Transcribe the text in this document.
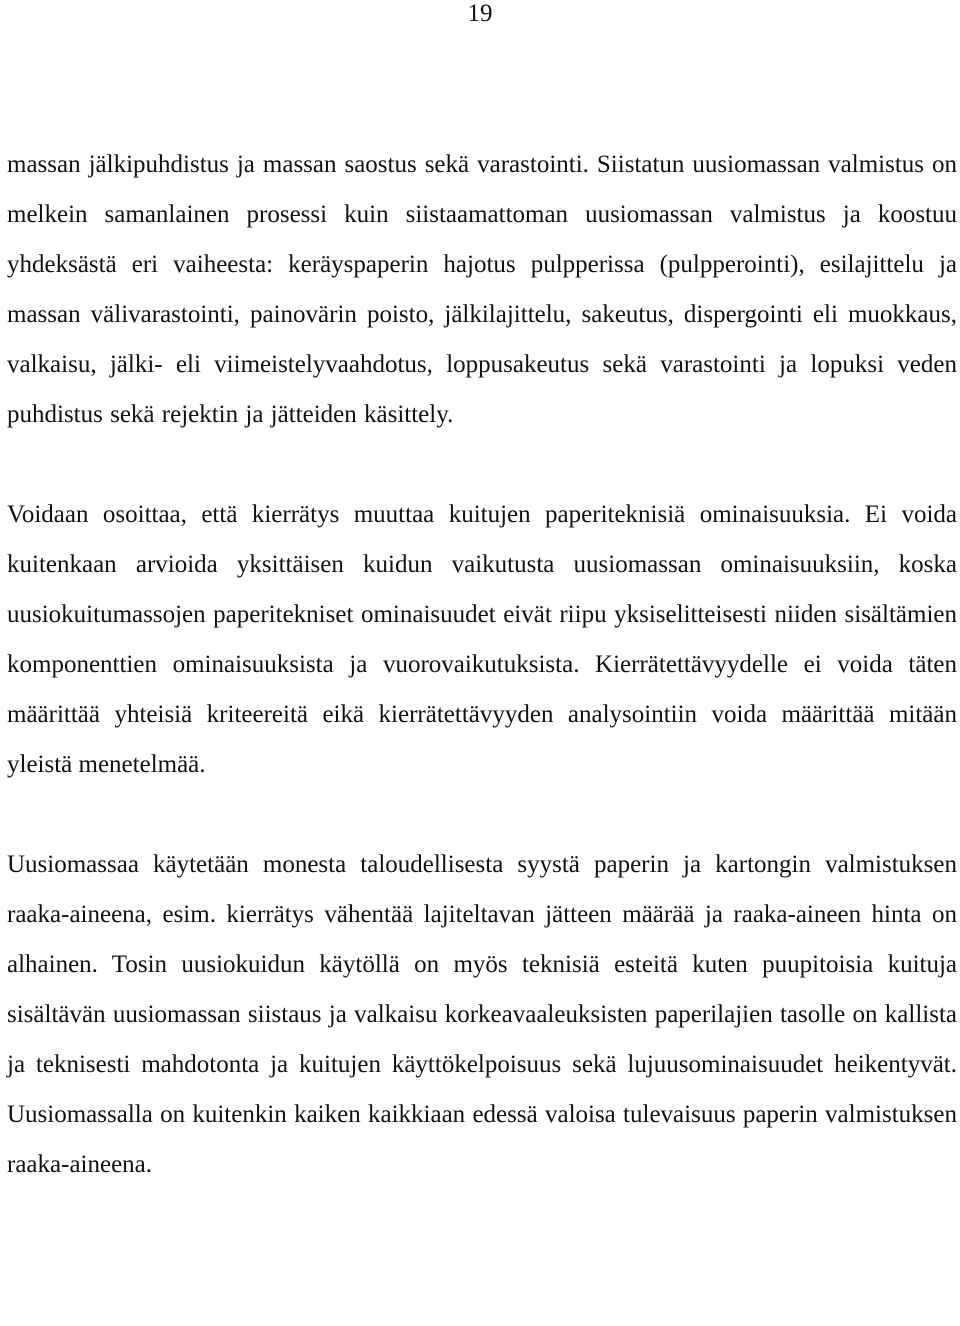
19

massan jälkipuhdistus ja massan saostus sekä varastointi. Siistatun uusiomassan valmistus on melkein samanlainen prosessi kuin siistaamattoman uusiomassan valmistus ja koostuu yhdeksästä eri vaiheesta: keräyspaperin hajotus pulpperissa (pulpperointi), esilajittelu ja massan välivarastointi, painovärin poisto, jälkilajittelu, sakeutus, dispergointi eli muokkaus, valkaisu, jälki- eli viimeistelyvaahdotus, loppusakeutus sekä varastointi ja lopuksi veden puhdistus sekä rejektin ja jätteiden käsittely.

Voidaan osoittaa, että kierrätys muuttaa kuitujen paperiteknisiä ominaisuuksia. Ei voida kuitenkaan arvioida yksittäisen kuidun vaikutusta uusiomassan ominaisuuksiin, koska uusiokuitumassojen paperitekniset ominaisuudet eivät riipu yksiselitteisesti niiden sisältämien komponenttien ominaisuuksista ja vuorovaikutuksista. Kierrätettävyydelle ei voida täten määrittää yhteisiä kriteereitä eikä kierrätettävyyden analysointiin voida määrittää mitään yleistä menetelmää.

Uusiomassaa käytetään monesta taloudellisesta syystä paperin ja kartongin valmistuksen raaka-aineena, esim. kierrätys vähentää lajiteltavan jätteen määrää ja raaka-aineen hinta on alhainen. Tosin uusiokuidun käytöllä on myös teknisiä esteitä kuten puupitoisia kuituja sisältävän uusiomassan siistaus ja valkaisu korkeavaaleuksisten paperilajien tasolle on kallista ja teknisesti mahdotonta ja kuitujen käyttökelpoisuus sekä lujuusominaisuudet heikentyvät. Uusiomassalla on kuitenkin kaiken kaikkiaan edessä valoisa tulevaisuus paperin valmistuksen raaka-aineena.
